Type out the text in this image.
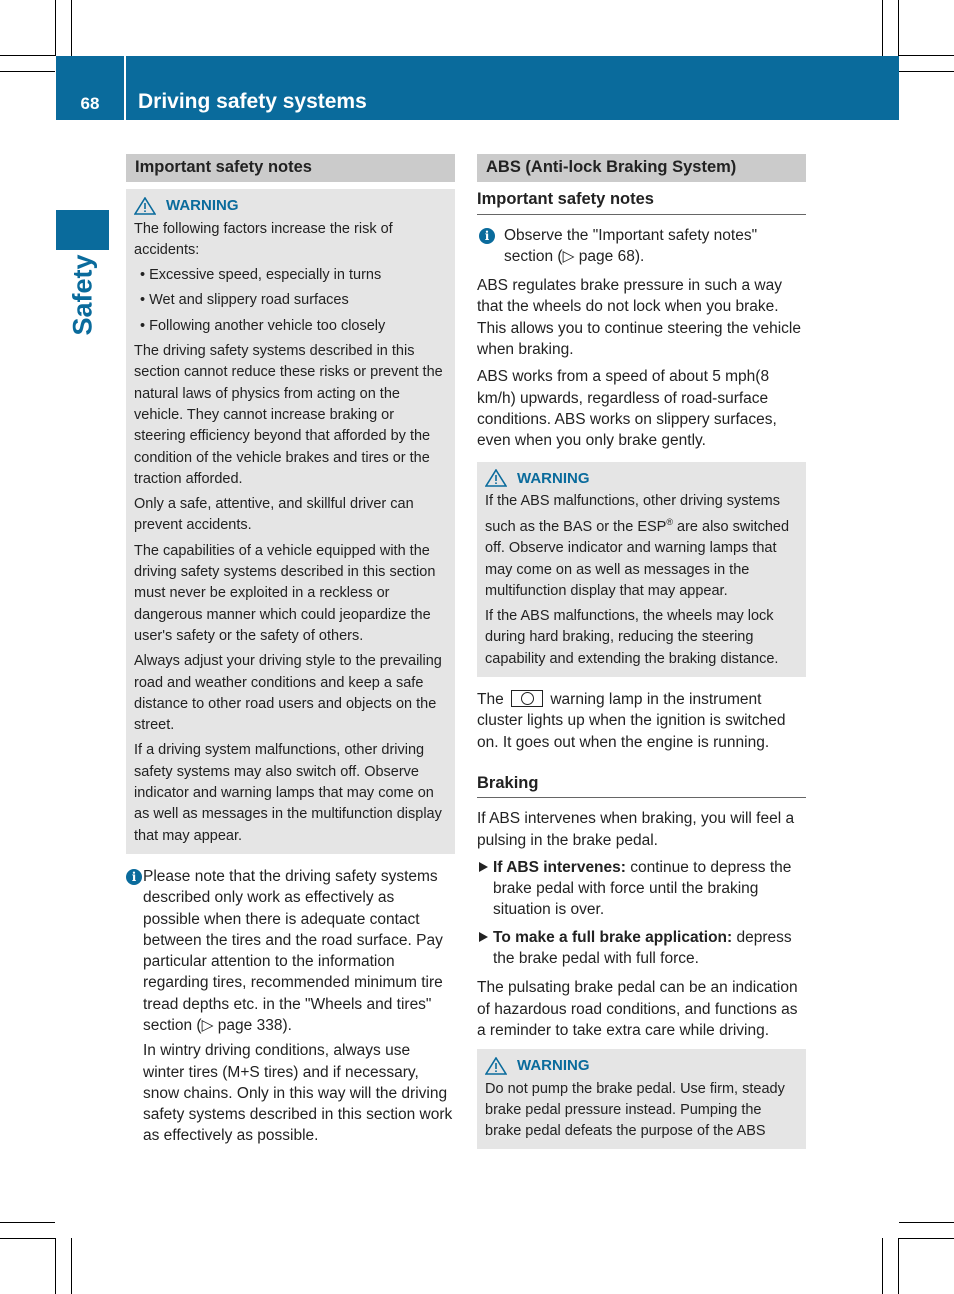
68	Driving safety systems
Safety
Important safety notes
WARNING

The following factors increase the risk of accidents:

• Excessive speed, especially in turns

• Wet and slippery road surfaces

• Following another vehicle too closely

The driving safety systems described in this section cannot reduce these risks or prevent the natural laws of physics from acting on the vehicle. They cannot increase braking or steering efficiency beyond that afforded by the condition of the vehicle brakes and tires or the traction afforded.

Only a safe, attentive, and skillful driver can prevent accidents.

The capabilities of a vehicle equipped with the driving safety systems described in this section must never be exploited in a reckless or dangerous manner which could jeopardize the user's safety or the safety of others.

Always adjust your driving style to the prevailing road and weather conditions and keep a safe distance to other road users and objects on the street.

If a driving system malfunctions, other driving safety systems may also switch off. Observe indicator and warning lamps that may come on as well as messages in the multifunction display that may appear.

i Please note that the driving safety systems described only work as effectively as possible when there is adequate contact between the tires and the road surface. Pay particular attention to the information regarding tires, recommended minimum tire tread depths etc. in the "Wheels and tires" section (▷ page 338).

In wintry driving conditions, always use winter tires (M+S tires) and if necessary, snow chains. Only in this way will the driving safety systems described in this section work as effectively as possible.

ABS (Anti-lock Braking System)
Important safety notes
i Observe the "Important safety notes" section (▷ page 68).

ABS regulates brake pressure in such a way that the wheels do not lock when you brake. This allows you to continue steering the vehicle when braking.

ABS works from a speed of about 5 mph(8 km/h) upwards, regardless of road-surface conditions. ABS works on slippery surfaces, even when you only brake gently.

WARNING

If the ABS malfunctions, other driving systems such as the BAS or the ESP® are also switched off. Observe indicator and warning lamps that may come on as well as messages in the multifunction display that may appear.

If the ABS malfunctions, the wheels may lock during hard braking, reducing the steering capability and extending the braking distance.

The	warning lamp in the instrument cluster lights up when the ignition is switched on. It goes out when the engine is running.

Braking

If ABS intervenes when braking, you will feel a pulsing in the brake pedal.

If ABS intervenes: continue to depress the brake pedal with force until the braking situation is over.
To make a full brake application: depress the brake pedal with full force.

The pulsating brake pedal can be an indication of hazardous road conditions, and functions as a reminder to take extra care while driving.

WARNING

Do not pump the brake pedal. Use firm, steady brake pedal pressure instead. Pumping the brake pedal defeats the purpose of the ABS
